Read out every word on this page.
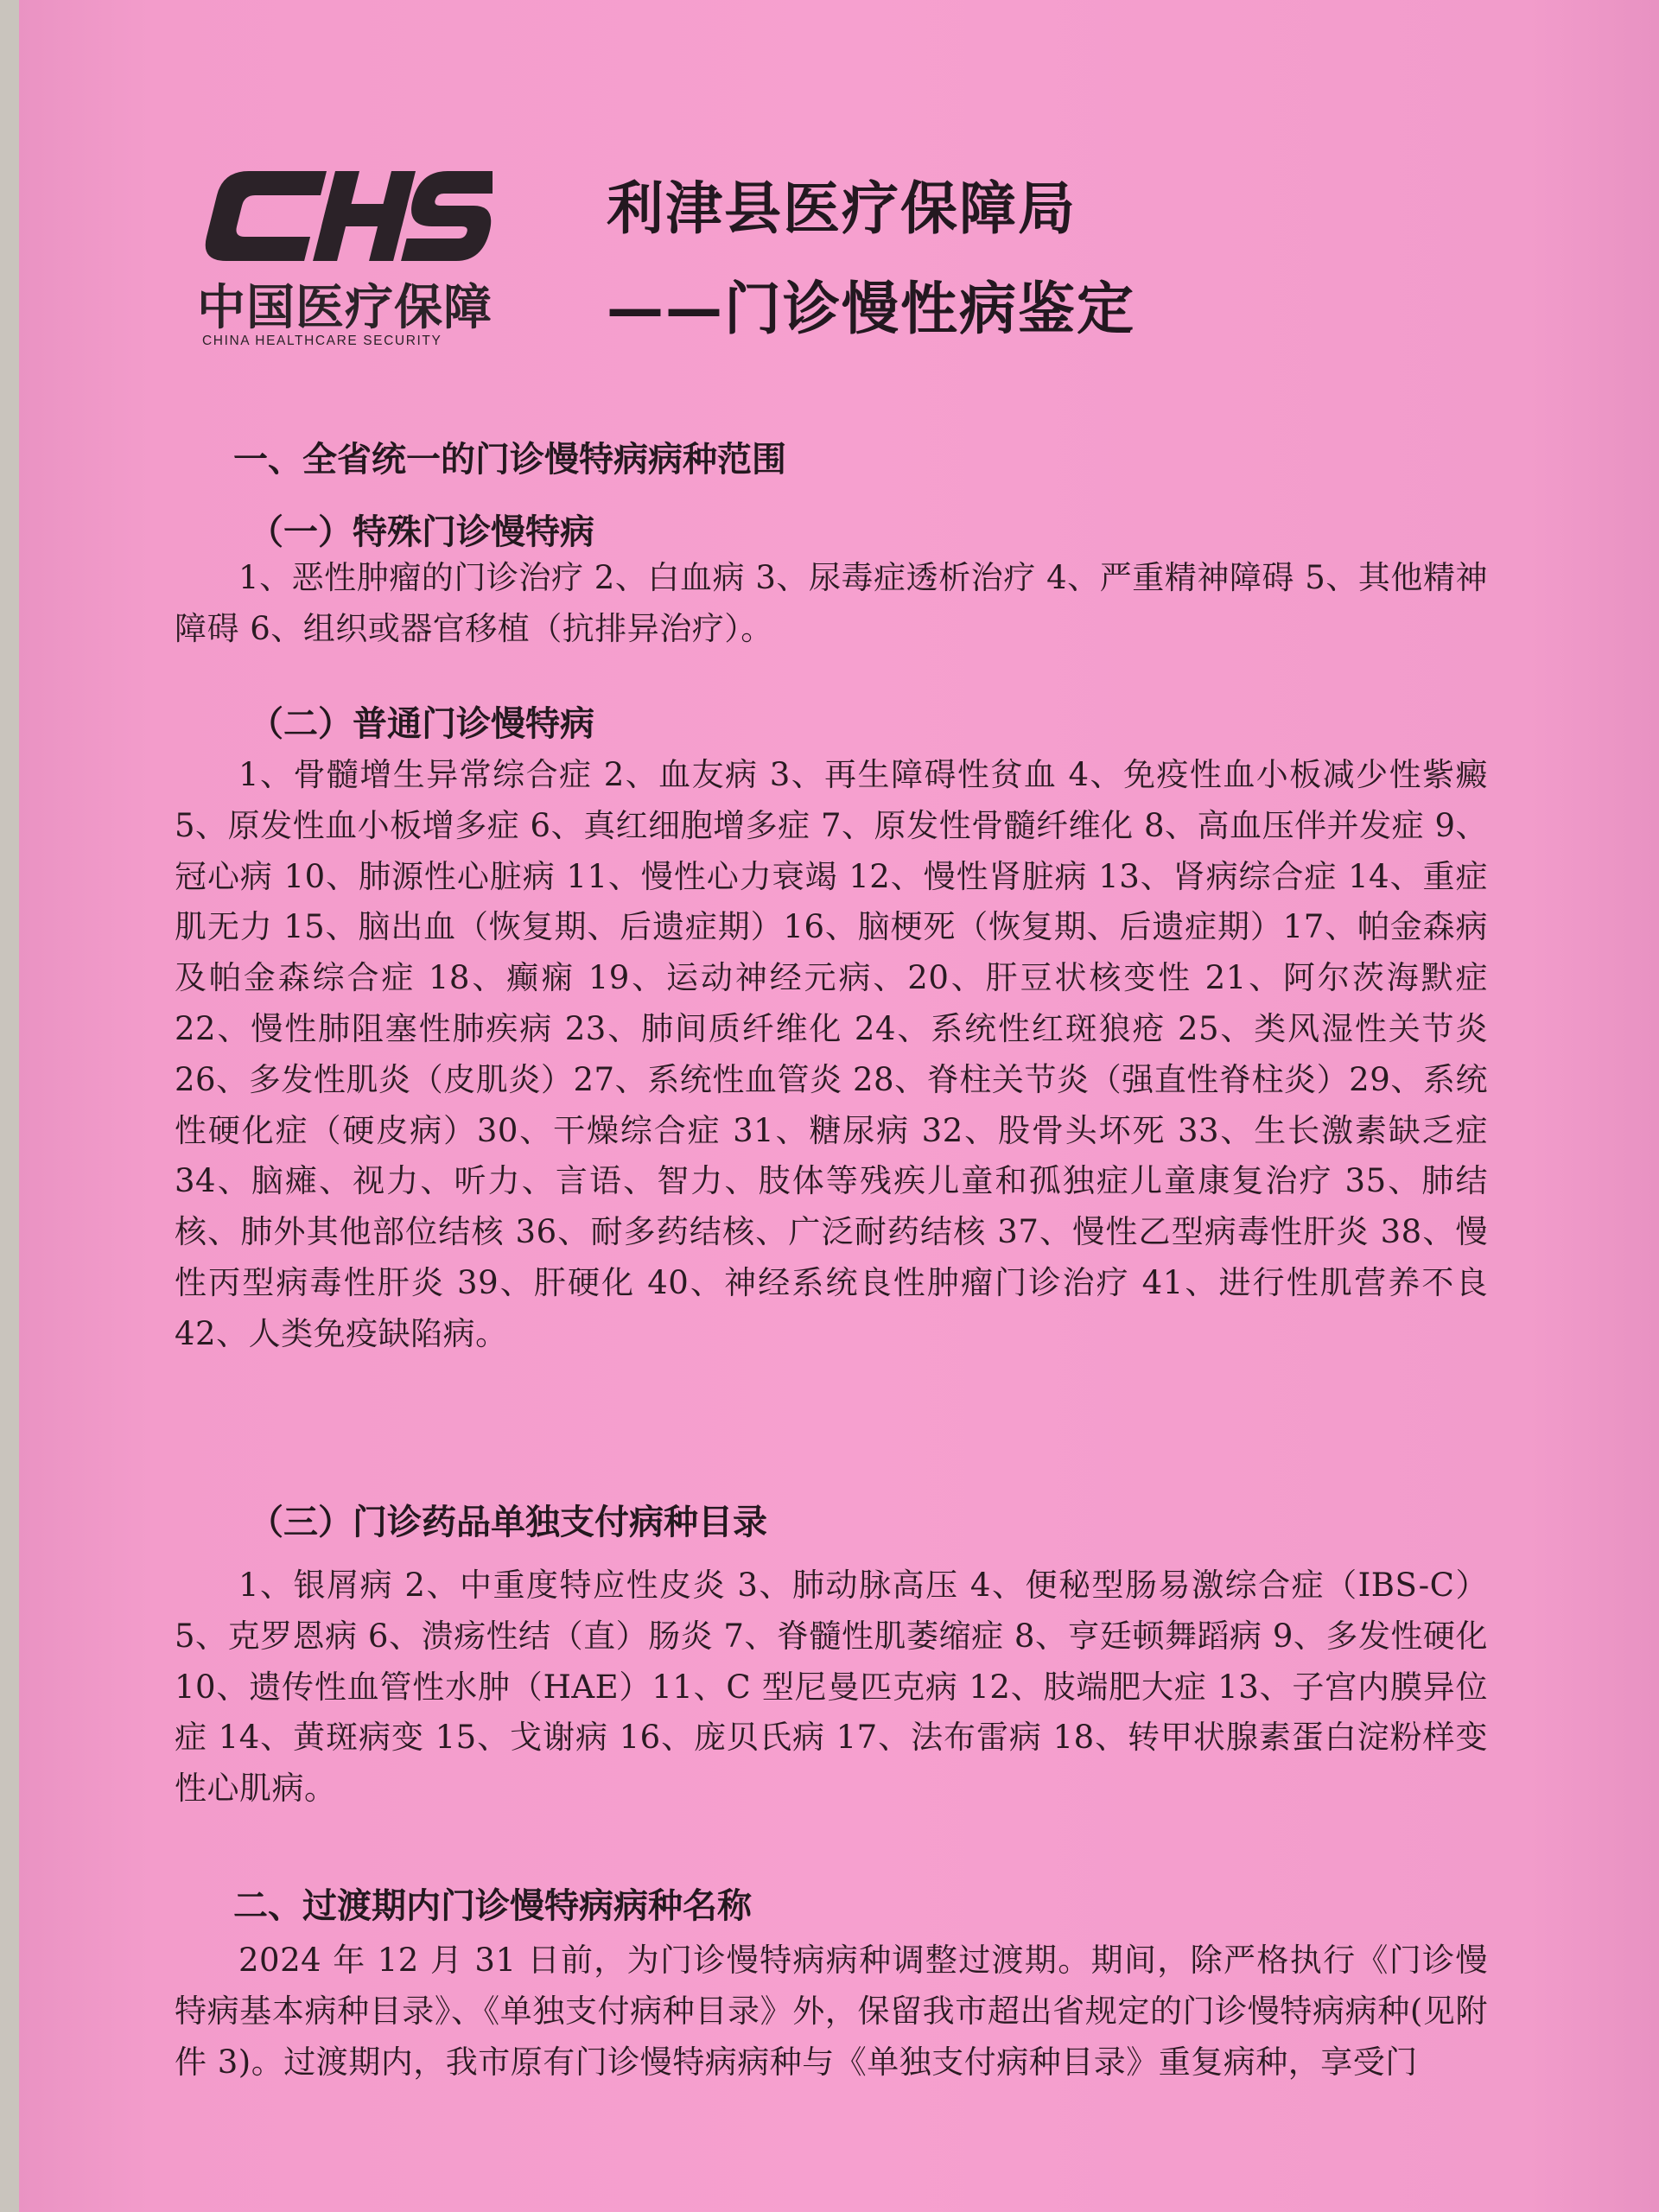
中国医疗保障
CHINA HEALTHCARE SECURITY
利津县医疗保障局
——门诊慢性病鉴定
一、全省统一的门诊慢特病病种范围
（一）特殊门诊慢特病

1、恶性肿瘤的门诊治疗 2、白血病 3、尿毒症透析治疗 4、严重精神障碍 5、其他精神障碍 6、组织或器官移植（抗排异治疗）。

（二）普通门诊慢特病

1、骨髓增生异常综合症 2、血友病 3、再生障碍性贫血 4、免疫性血小板减少性紫癜 5、原发性血小板增多症 6、真红细胞增多症 7、原发性骨髓纤维化 8、高血压伴并发症 9、冠心病 10、肺源性心脏病 11、慢性心力衰竭 12、慢性肾脏病 13、肾病综合症 14、重症肌无力 15、脑出血（恢复期、后遗症期）16、脑梗死（恢复期、后遗症期）17、帕金森病及帕金森综合症 18、癫痫 19、运动神经元病、20、肝豆状核变性 21、阿尔茨海默症 22、慢性肺阻塞性肺疾病 23、肺间质纤维化 24、系统性红斑狼疮 25、类风湿性关节炎 26、多发性肌炎（皮肌炎）27、系统性血管炎 28、脊柱关节炎（强直性脊柱炎）29、系统性硬化症（硬皮病）30、干燥综合症 31、糖尿病 32、股骨头坏死 33、生长激素缺乏症 34、脑瘫、视力、听力、言语、智力、肢体等残疾儿童和孤独症儿童康复治疗 35、肺结核、肺外其他部位结核 36、耐多药结核、广泛耐药结核 37、慢性乙型病毒性肝炎 38、慢性丙型病毒性肝炎 39、肝硬化 40、神经系统良性肿瘤门诊治疗 41、进行性肌营养不良 42、人类免疫缺陷病。

（三）门诊药品单独支付病种目录

1、银屑病 2、中重度特应性皮炎 3、肺动脉高压 4、便秘型肠易激综合症（IBS-C）5、克罗恩病 6、溃疡性结（直）肠炎 7、脊髓性肌萎缩症 8、亨廷顿舞蹈病 9、多发性硬化 10、遗传性血管性水肿（HAE）11、C 型尼曼匹克病 12、肢端肥大症 13、子宫内膜异位症 14、黄斑病变 15、戈谢病 16、庞贝氏病 17、法布雷病 18、转甲状腺素蛋白淀粉样变性心肌病。

二、过渡期内门诊慢特病病种名称

2024 年 12 月 31 日前，为门诊慢特病病种调整过渡期。期间，除严格执行《门诊慢特病基本病种目录》、《单独支付病种目录》外，保留我市超出省规定的门诊慢特病病种(见附件 3)。过渡期内，我市原有门诊慢特病病种与《单独支付病种目录》重复病种，享受门
